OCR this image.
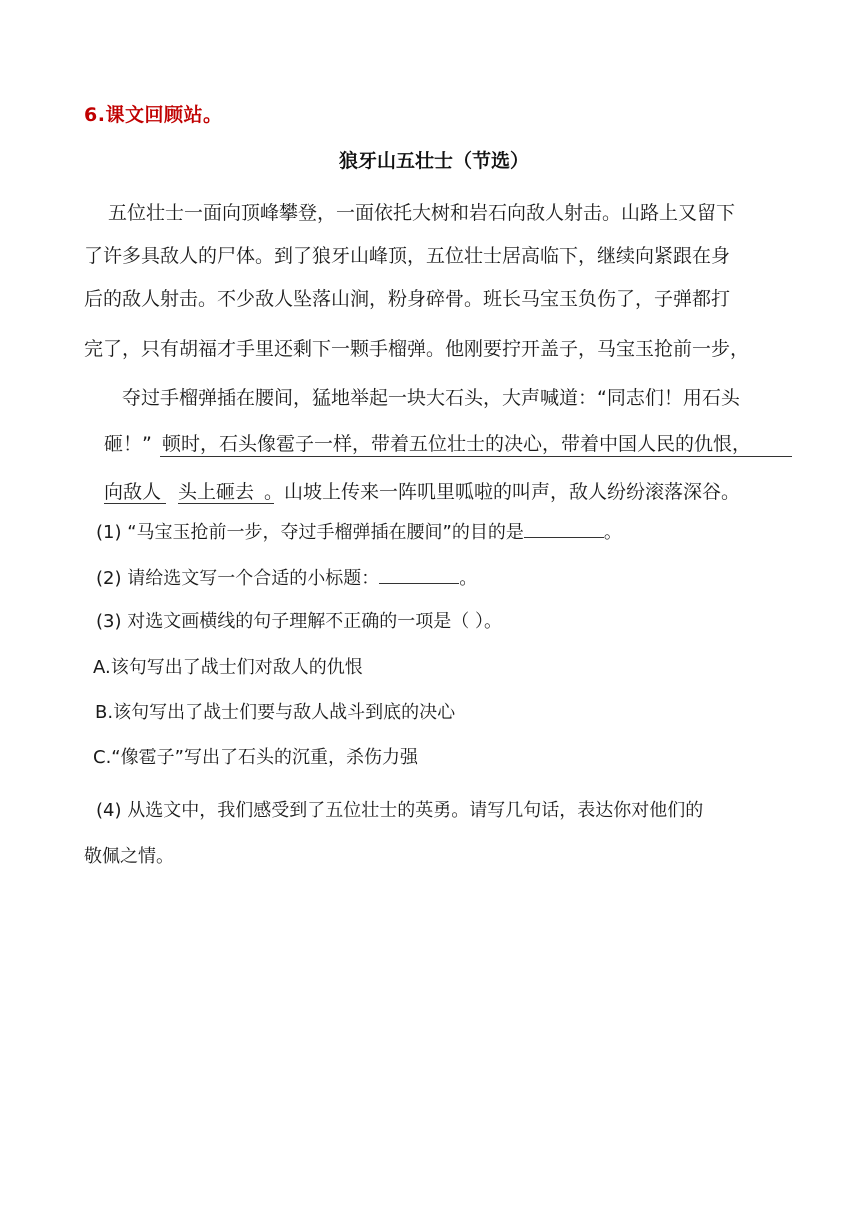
6.课文回顾站。
狼牙山五壮士（节选）
五位壮士一面向顶峰攀登，一面依托大树和岩石向敌人射击。山路上又留下
了许多具敌人的尸体。到了狼牙山峰顶，五位壮士居高临下，继续向紧跟在身
后的敌人射击。不少敌人坠落山涧，粉身碎骨。班长马宝玉负伤了，子弹都打
完了，只有胡福才手里还剩下一颗手榴弹。他刚要拧开盖子，马宝玉抢前一步，
夺过手榴弹插在腰间，猛地举起一块大石头，大声喊道：“同志们！用石头
砸！” 顿时，石头像雹子一样，带着五位壮士的决心，带着中国人民的仇恨，
向敌人 头上砸去 。 山坡上传来一阵叽里呱啦的叫声，敌人纷纷滚落深谷。
(1) “马宝玉抢前一步，夺过手榴弹插在腰间”的目的是	。
(2) 请给选文写一个合适的小标题：	。
(3) 对选文画横线的句子理解不正确的一项是（ ）。
A.该句写出了战士们对敌人的仇恨
B.该句写出了战士们要与敌人战斗到底的决心
C.“像雹子”写出了石头的沉重，杀伤力强
(4) 从选文中，我们感受到了五位壮士的英勇。请写几句话，表达你对他们的
敬佩之情。
